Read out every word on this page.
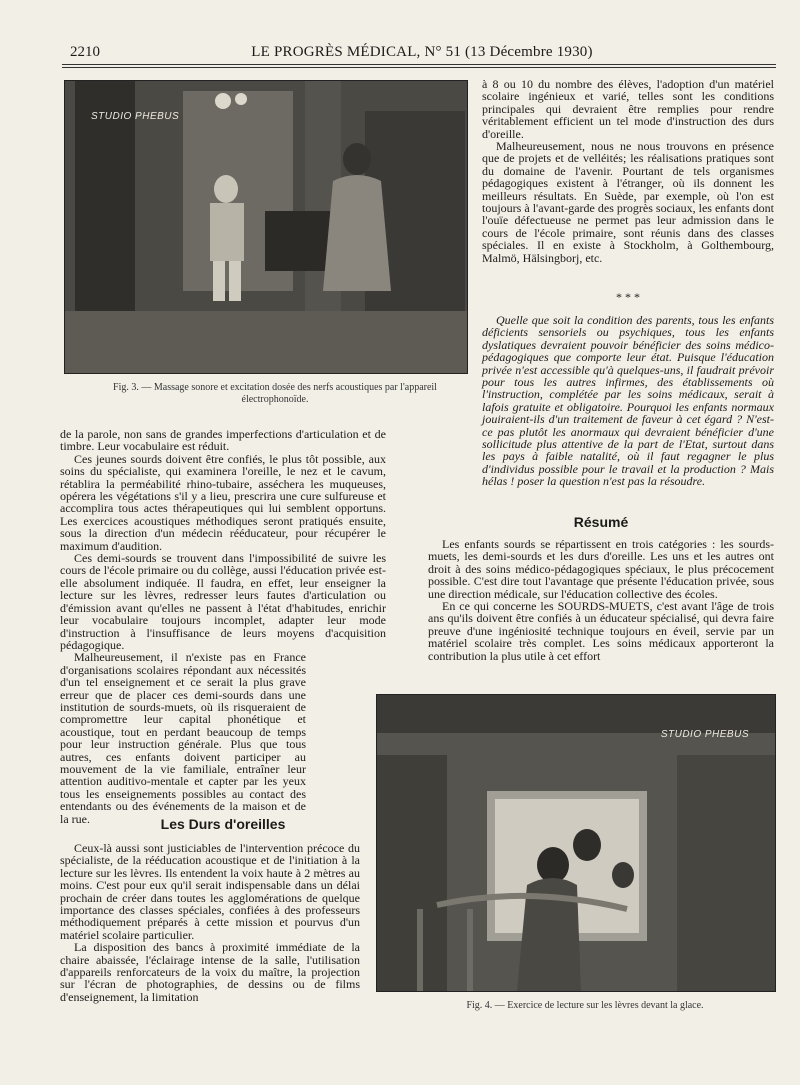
2210	LE PROGRÈS MÉDICAL, N° 51 (13 Décembre 1930)
STUDIO PHEBUS
Fig. 3. — Massage sonore et excitation dosée des nerfs acoustiques par l'appareil électrophonoïde.

de la parole, non sans de grandes imperfections d'articulation et de timbre. Leur vocabulaire est réduit.

Ces jeunes sourds doivent être confiés, le plus tôt possible, aux soins du spécialiste, qui examinera l'oreille, le nez et le cavum, rétablira la perméabilité rhino-tubaire, asséchera les muqueuses, opérera les végétations s'il y a lieu, prescrira une cure sulfureuse et accomplira tous actes thérapeutiques qui lui semblent opportuns. Les exercices acoustiques méthodiques seront pratiqués ensuite, sous la direction d'un médecin rééducateur, pour récupérer le maximum d'audition.

Ces demi-sourds se trouvent dans l'impossibilité de suivre les cours de l'école primaire ou du collège, aussi l'éducation privée est-elle absolument indiquée. Il faudra, en effet, leur enseigner la lecture sur les lèvres, redresser leurs fautes d'articulation ou d'émission avant qu'elles ne passent à l'état d'habitudes, enrichir leur vocabulaire toujours incomplet, adapter leur mode d'instruction à l'insuffisance de leurs moyens d'acquisition pédagogique.

Malheureusement, il n'existe pas en France d'organisations scolaires répondant aux nécessités d'un tel enseignement et ce serait la plus grave erreur que de placer ces demi-sourds dans une institution de sourds-muets, où ils risqueraient de compromettre leur capital phonétique et acoustique, tout en perdant beaucoup de temps pour leur instruction générale. Plus que tous autres, ces enfants doivent participer au mouvement de la vie familiale, entraîner leur attention auditivo-mentale et capter par les yeux tous les enseignements possibles au contact des entendants ou des événements de la maison et de la rue.	Les Durs d'oreilles

Ceux-là aussi sont justiciables de l'intervention précoce du spécialiste, de la rééducation acoustique et de l'initiation à la lecture sur les lèvres. Ils entendent la voix haute à 2 mètres au moins. C'est pour eux qu'il serait indispensable dans un délai prochain de créer dans toutes les agglomérations de quelque importance des classes spéciales, confiées à des professeurs méthodiquement préparés à cette mission et pourvus d'un matériel scolaire particulier.

La disposition des bancs à proximité immédiate de la chaire abaissée, l'éclairage intense de la salle, l'utilisation d'appareils renforcateurs de la voix du maître, la projection sur l'écran de photographies, de dessins ou de films d'enseignement, la limitation

à 8 ou 10 du nombre des élèves, l'adoption d'un matériel scolaire ingénieux et varié, telles sont les conditions principales qui devraient être remplies pour rendre véritablement efficient un tel mode d'instruction des durs d'oreille.

Malheureusement, nous ne nous trouvons en présence que de projets et de velléités; les réalisations pratiques sont du domaine de l'avenir. Pourtant de tels organismes pédagogiques existent à l'étranger, où ils donnent les meilleurs résultats. En Suède, par exemple, où l'on est toujours à l'avant-garde des progrès sociaux, les enfants dont l'ouïe défectueuse ne permet pas leur admission dans le cours de l'école primaire, sont réunis dans des classes spéciales. Il en existe à Stockholm, à Golthembourg, Malmö, Hälsingborj, etc.

* * *

Quelle que soit la condition des parents, tous les enfants déficients sensoriels ou psychiques, tous les enfants dyslatiques devraient pouvoir bénéficier des soins médico-pédagogiques que comporte leur état. Puisque l'éducation privée n'est accessible qu'à quelques-uns, il faudrait prévoir pour tous les autres infirmes, des établissements où l'instruction, complétée par les soins médicaux, serait à lafois gratuite et obligatoire. Pourquoi les enfants normaux jouiraient-ils d'un traitement de faveur à cet égard ? N'est-ce pas plutôt les anormaux qui devraient bénéficier d'une sollicitude plus attentive de la part de l'Etat, surtout dans les pays à faible natalité, où il faut regagner le plus d'individus possible pour le travail et la production ? Mais hélas ! poser la question n'est pas la résoudre.

Résumé

Les enfants sourds se répartissent en trois catégories : les sourds-muets, les demi-sourds et les durs d'oreille. Les uns et les autres ont droit à des soins médico-pédagogiques spéciaux, le plus précocement possible. C'est dire tout l'avantage que présente l'éducation privée, sous une direction médicale, sur l'éducation collective des écoles.

En ce qui concerne les SOURDS-MUETS, c'est avant l'âge de trois ans qu'ils doivent être confiés à un éducateur spécialisé, qui devra faire preuve d'une ingéniosité technique toujours en éveil, servie par un matériel scolaire très complet. Les soins médicaux apporteront la contribution la plus utile à cet effort

STUDIO PHEBUS
Fig. 4. — Exercice de lecture sur les lèvres devant la glace.
